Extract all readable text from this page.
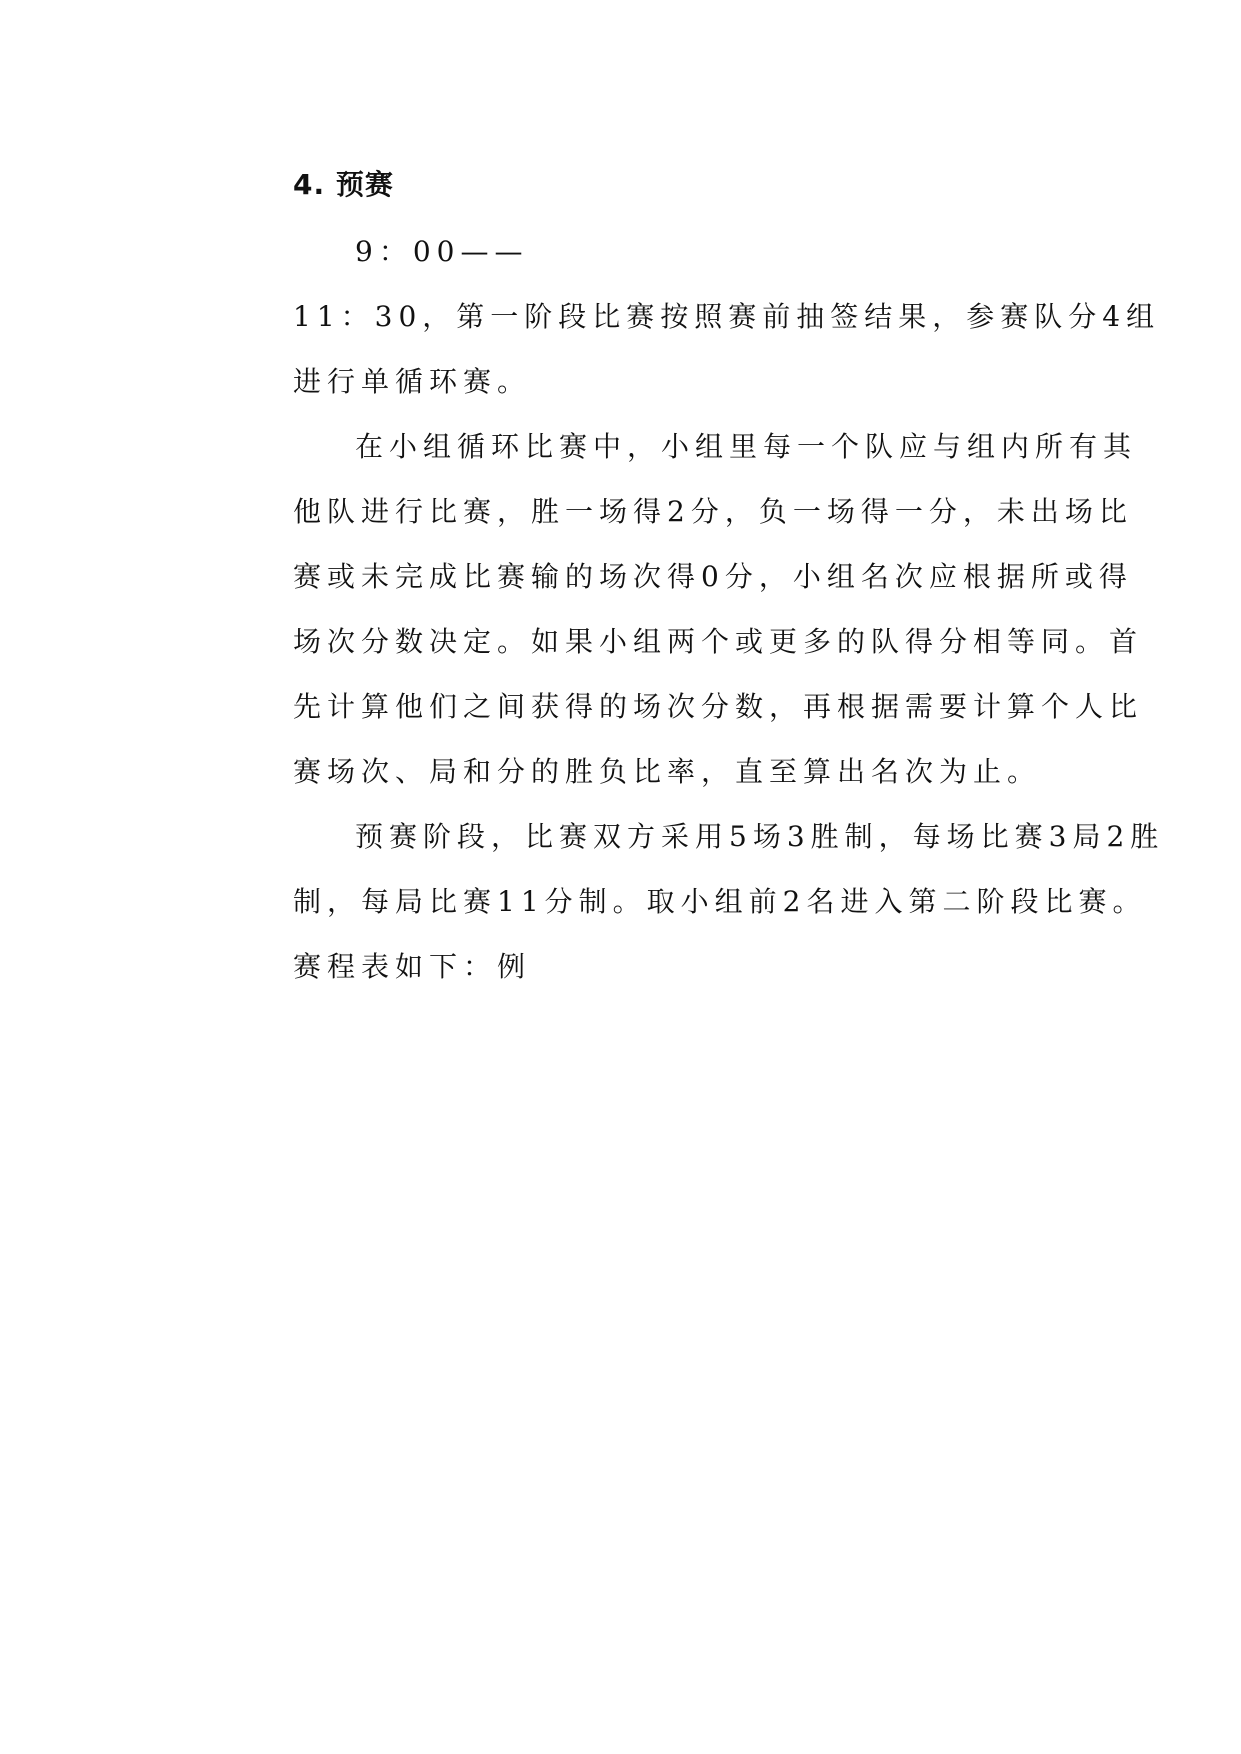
4. 预赛
9：00——
11：30，第一阶段比赛按照赛前抽签结果，参赛队分4组
进行单循环赛。
在小组循环比赛中，小组里每一个队应与组内所有其
他队进行比赛，胜一场得2分，负一场得一分，未出场比
赛或未完成比赛输的场次得0分，小组名次应根据所或得
场次分数决定。如果小组两个或更多的队得分相等同。首
先计算他们之间获得的场次分数，再根据需要计算个人比
赛场次、局和分的胜负比率，直至算出名次为止。
预赛阶段，比赛双方采用5场3胜制，每场比赛3局2胜
制，每局比赛11分制。取小组前2名进入第二阶段比赛。
赛程表如下：例
